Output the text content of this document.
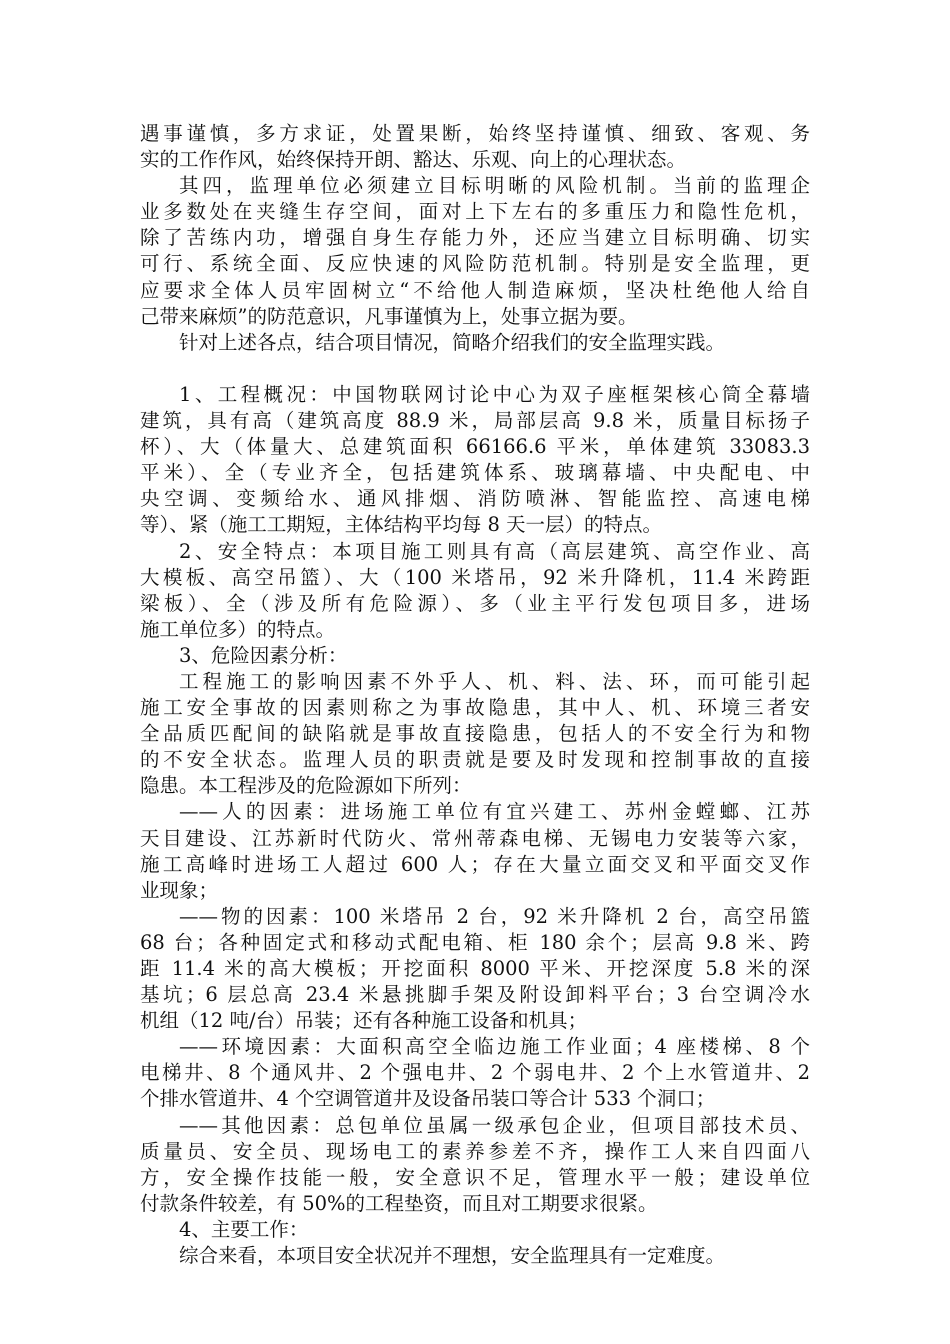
遇事谨慎，多方求证，处置果断，始终坚持谨慎、细致、客观、务
实的工作作风，始终保持开朗、豁达、乐观、向上的心理状态。
其四，监理单位必须建立目标明晰的风险机制。当前的监理企
业多数处在夹缝生存空间，面对上下左右的多重压力和隐性危机，
除了苦练内功，增强自身生存能力外，还应当建立目标明确、切实
可行、系统全面、反应快速的风险防范机制。特别是安全监理，更
应要求全体人员牢固树立“不给他人制造麻烦，坚决杜绝他人给自
己带来麻烦”的防范意识，凡事谨慎为上，处事立据为要。
针对上述各点，结合项目情况，简略介绍我们的安全监理实践。
1、工程概况：中国物联网讨论中心为双子座框架核心筒全幕墙
建筑，具有高（建筑高度 88.9 米，局部层高 9.8 米，质量目标扬子
杯）、大（体量大、总建筑面积 66166.6 平米，单体建筑 33083.3
平米）、全（专业齐全，包括建筑体系、玻璃幕墙、中央配电、中
央空调、变频给水、通风排烟、消防喷淋、智能监控、高速电梯
等）、紧（施工工期短，主体结构平均每 8 天一层）的特点。
2、安全特点：本项目施工则具有高（高层建筑、高空作业、高
大模板、高空吊篮）、大（100 米塔吊，92 米升降机，11.4 米跨距
梁板）、全（涉及所有危险源）、多（业主平行发包项目多，进场
施工单位多）的特点。
3、危险因素分析：
工程施工的影响因素不外乎人、机、料、法、环，而可能引起
施工安全事故的因素则称之为事故隐患，其中人、机、环境三者安
全品质匹配间的缺陷就是事故直接隐患，包括人的不安全行为和物
的不安全状态。监理人员的职责就是要及时发现和控制事故的直接
隐患。本工程涉及的危险源如下所列：
——人的因素：进场施工单位有宜兴建工、苏州金螳螂、江苏
天目建设、江苏新时代防火、常州蒂森电梯、无锡电力安装等六家，
施工高峰时进场工人超过 600 人；存在大量立面交叉和平面交叉作
业现象；
——物的因素：100 米塔吊 2 台，92 米升降机 2 台，高空吊篮
68 台；各种固定式和移动式配电箱、柜 180 余个；层高 9.8 米、跨
距 11.4 米的高大模板；开挖面积 8000 平米、开挖深度 5.8 米的深
基坑；6 层总高 23.4 米悬挑脚手架及附设卸料平台；3 台空调冷水
机组（12 吨/台）吊装；还有各种施工设备和机具；
——环境因素：大面积高空全临边施工作业面；4 座楼梯、8 个
电梯井、8 个通风井、2 个强电井、2 个弱电井、2 个上水管道井、2
个排水管道井、4 个空调管道井及设备吊装口等合计 533 个洞口；
——其他因素：总包单位虽属一级承包企业，但项目部技术员、
质量员、安全员、现场电工的素养参差不齐，操作工人来自四面八
方，安全操作技能一般，安全意识不足，管理水平一般；建设单位
付款条件较差，有 50%的工程垫资，而且对工期要求很紧。
4、主要工作：
综合来看，本项目安全状况并不理想，安全监理具有一定难度。
